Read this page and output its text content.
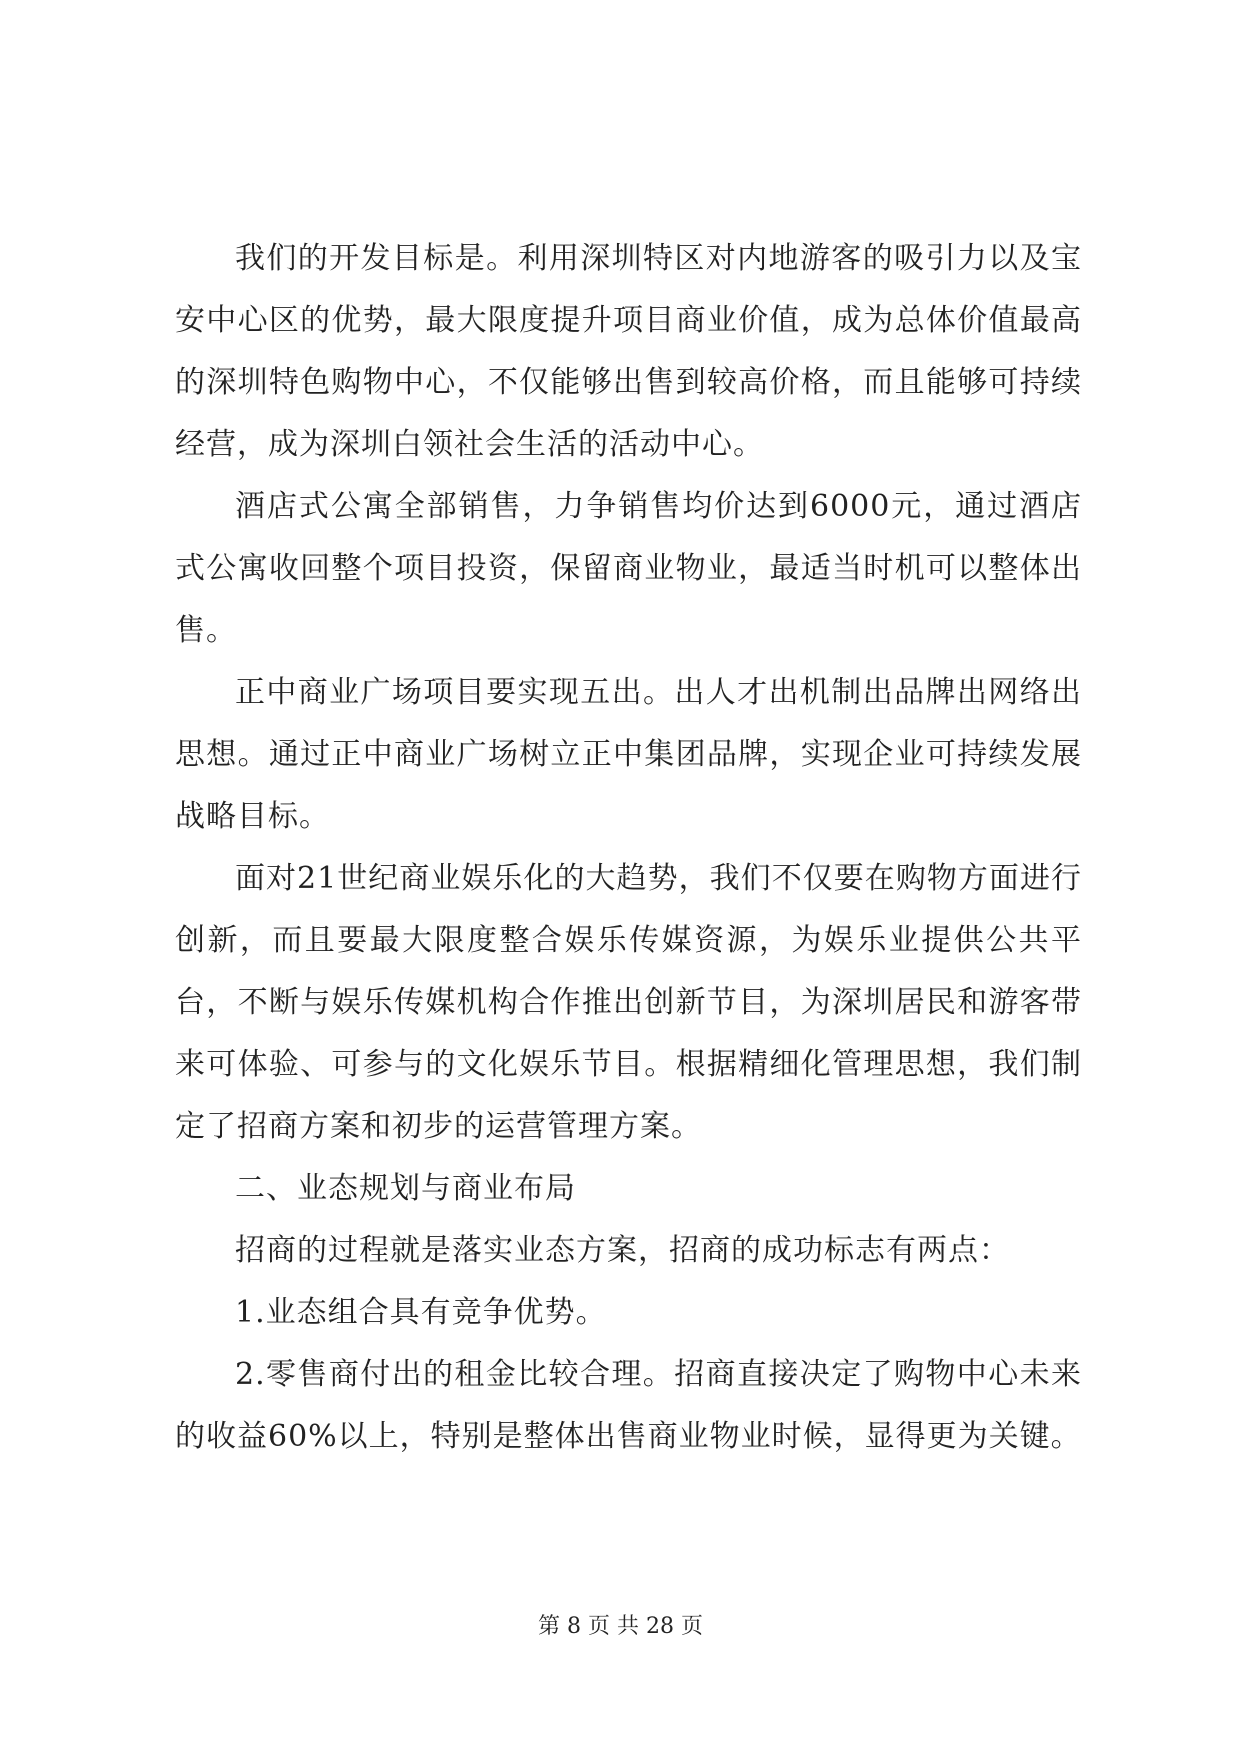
我们的开发目标是。利用深圳特区对内地游客的吸引力以及宝安中心区的优势，最大限度提升项目商业价值，成为总体价值最高的深圳特色购物中心，不仅能够出售到较高价格，而且能够可持续经营，成为深圳白领社会生活的活动中心。

酒店式公寓全部销售，力争销售均价达到6000元，通过酒店式公寓收回整个项目投资，保留商业物业，最适当时机可以整体出售。

正中商业广场项目要实现五出。出人才出机制出品牌出网络出思想。通过正中商业广场树立正中集团品牌，实现企业可持续发展战略目标。

面对21世纪商业娱乐化的大趋势，我们不仅要在购物方面进行创新，而且要最大限度整合娱乐传媒资源，为娱乐业提供公共平台，不断与娱乐传媒机构合作推出创新节目，为深圳居民和游客带来可体验、可参与的文化娱乐节目。根据精细化管理思想，我们制定了招商方案和初步的运营管理方案。

二、业态规划与商业布局

招商的过程就是落实业态方案，招商的成功标志有两点：

1.业态组合具有竞争优势。

2.零售商付出的租金比较合理。招商直接决定了购物中心未来的收益60%以上，特别是整体出售商业物业时候，显得更为关键。

第 8 页 共 28 页
